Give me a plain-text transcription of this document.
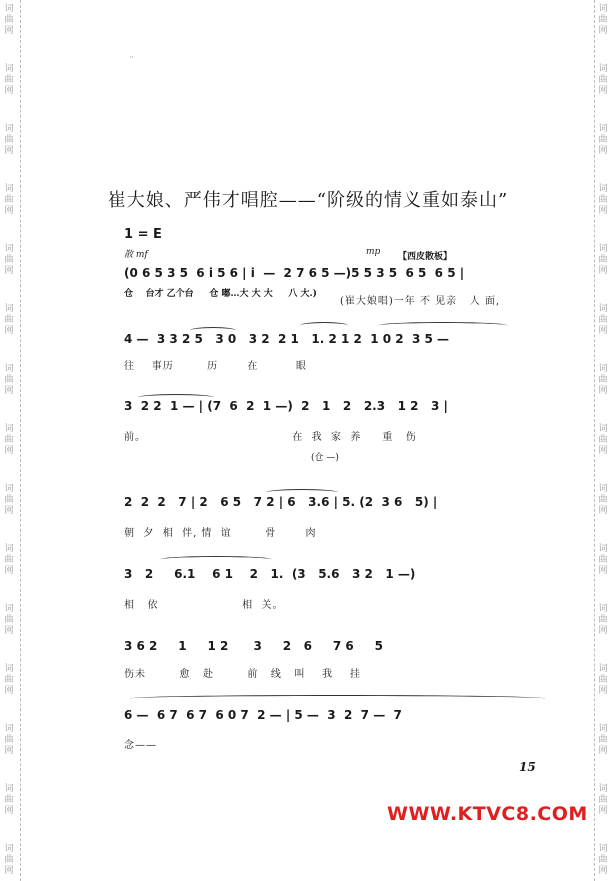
词
曲
网
词
曲
网
词
曲
网
词
曲
网
词
曲
网
词
曲
网
词
曲
网
词
曲
网
词
曲
网
词
曲
网
词
曲
网
词
曲
网
词
曲
网
词
曲
网
词
曲
网
词
曲
网
词
曲
网
词
曲
网
词
曲
网
词
曲
网
词
曲
网
词
曲
网
词
曲
网
词
曲
网
词
曲
网
词
曲
网
词
曲
网
词
曲
网
词
曲
网
词
曲
网
''
崔大娘、严伟才唱腔——“阶级的情义重如泰山”
1 = E
散 mf	mp 【西皮散板】
(0 6 5 3 5  6 i 5 6 | i  —  2 7 6 5 —)5 5 3 5  6 5  6 5 |
(崔大娘唱)一年 不 见亲   人 面,
仓    台才 乙个台     仓 嘟…大 大 大     八 大.)
4 —  3 3 2 5   3 0   3 2  2 1   1. 2 1 2  1 0 2  3 5 —
往    事历        历       在         眼
3  2 2  1 — | (7  6  2  1 —)  2   1   2   2.3   1 2   3 |
前。                                   在  我  家  养     重   伤
(仓 —)
2  2  2   7 | 2   6 5   7 2 | 6   3.6 | 5. (2  3 6   5) |
朝  夕  相  伴, 情  谊        骨       肉
3   2     6.1    6 1    2   1.  (3   5.6   3 2   1 —)
相   依                    相  关。
3 6 2     1     1 2      3     2   6     7 6     5
伤未        愈   赴        前   线   叫    我    挂
6 —  6 7  6 7  6 0 7  2 — | 5 —  3  2  7 —  7
念——
15
WWW.KTVC8.COM
